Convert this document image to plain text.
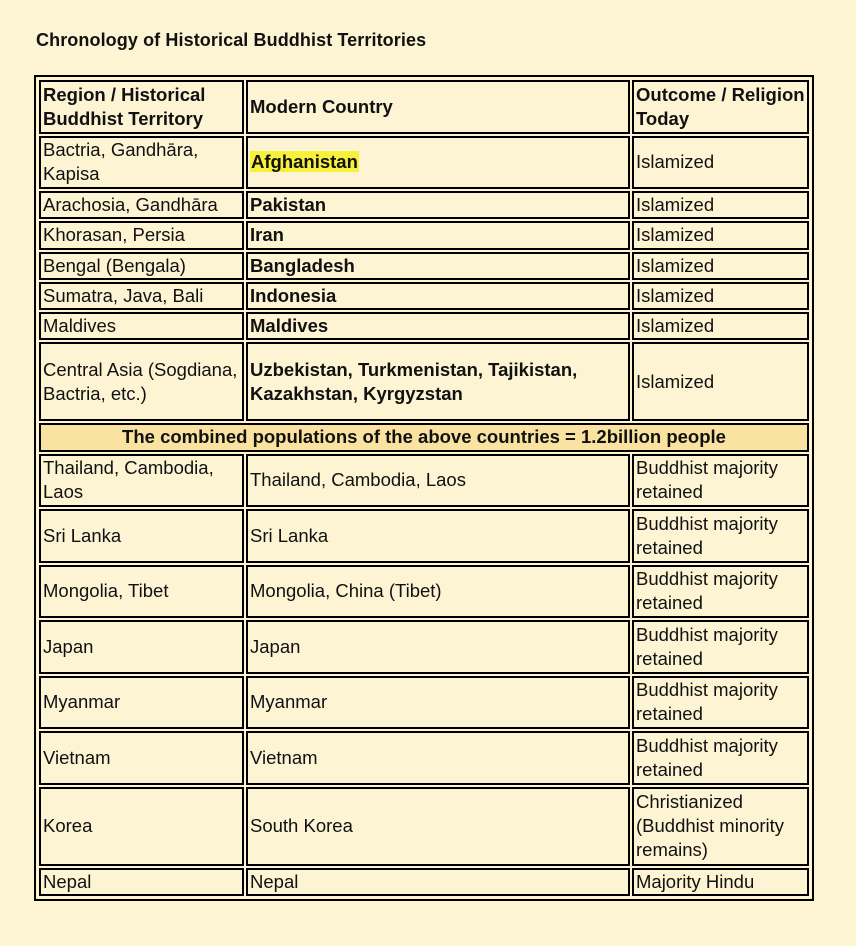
Chronology of Historical Buddhist Territories
Region / Historical Buddhist Territory	Modern Country	Outcome / Religion Today
Bactria, Gandhāra, Kapisa	Afghanistan	Islamized
Arachosia, Gandhāra	Pakistan	Islamized
Khorasan, Persia	Iran	Islamized
Bengal (Bengala)	Bangladesh	Islamized
Sumatra, Java, Bali	Indonesia	Islamized
Maldives	Maldives	Islamized
Central Asia (Sogdiana, Bactria, etc.)	Uzbekistan, Turkmenistan, Tajikistan, Kazakhstan, Kyrgyzstan	Islamized
The combined populations of the above countries = 1.2billion people		
Thailand, Cambodia, Laos	Thailand, Cambodia, Laos	Buddhist majority retained
Sri Lanka	Sri Lanka	Buddhist majority retained
Mongolia, Tibet	Mongolia, China (Tibet)	Buddhist majority retained
Japan	Japan	Buddhist majority retained
Myanmar	Myanmar	Buddhist majority retained
Vietnam	Vietnam	Buddhist majority retained
Korea	South Korea	Christianized (Buddhist minority remains)
Nepal	Nepal	Majority Hindu
